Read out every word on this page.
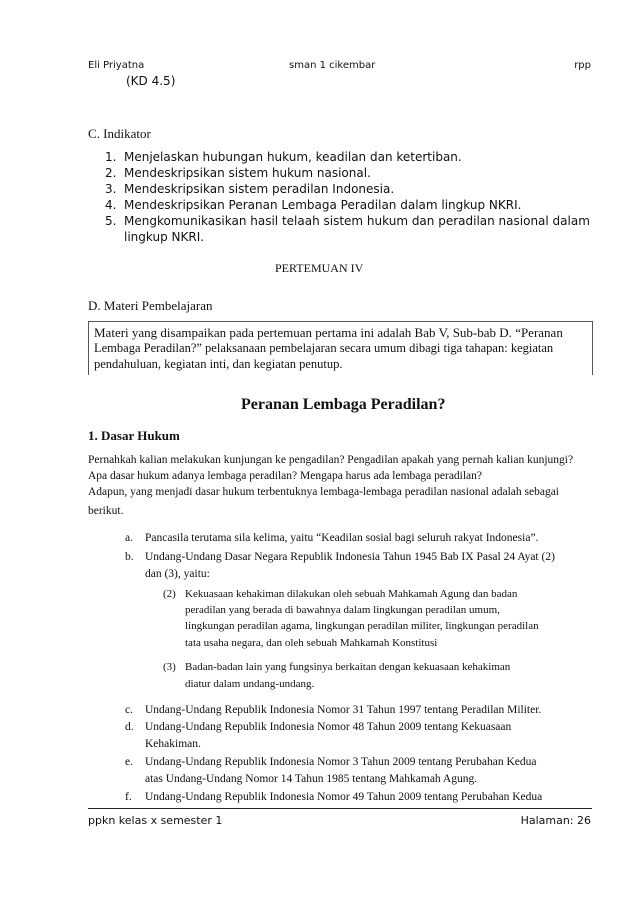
Eli Priyatna	sman 1 cikembar	rpp
(KD 4.5)
C. Indikator
1. Menjelaskan hubungan hukum, keadilan dan ketertiban.
2. Mendeskripsikan sistem hukum nasional.
3. Mendeskripsikan sistem peradilan Indonesia.
4. Mendeskripsikan Peranan Lembaga Peradilan dalam lingkup NKRI.
5. Mengkomunikasikan hasil telaah sistem hukum dan peradilan nasional dalam
lingkup NKRI.
PERTEMUAN IV
D. Materi Pembelajaran
Materi yang disampaikan pada pertemuan pertama ini adalah Bab V, Sub-bab D. “Peranan
Lembaga Peradilan?” pelaksanaan pembelajaran secara umum dibagi tiga tahapan: kegiatan
pendahuluan, kegiatan inti, dan kegiatan penutup.
Peranan Lembaga Peradilan?
1. Dasar Hukum
Pernahkah kalian melakukan kunjungan ke pengadilan? Pengadilan apakah yang pernah kalian kunjungi?
Apa dasar hukum adanya lembaga peradilan? Mengapa harus ada lembaga peradilan?
Adapun, yang menjadi dasar hukum terbentuknya lembaga-lembaga peradilan nasional adalah sebagai
berikut.
a. Pancasila terutama sila kelima, yaitu “Keadilan sosial bagi seluruh rakyat Indonesia”.
b. Undang-Undang Dasar Negara Republik Indonesia Tahun 1945 Bab IX Pasal 24 Ayat (2)
dan (3), yaitu:
(2) Kekuasaan kehakiman dilakukan oleh sebuah Mahkamah Agung dan badan
peradilan yang berada di bawahnya dalam lingkungan peradilan umum,
lingkungan peradilan agama, lingkungan peradilan militer, lingkungan peradilan
tata usaha negara, dan oleh sebuah Mahkamah Konstitusi
(3) Badan-badan lain yang fungsinya berkaitan dengan kekuasaan kehakiman
diatur dalam undang-undang.
c. Undang-Undang Republik Indonesia Nomor 31 Tahun 1997 tentang Peradilan Militer.
d. Undang-Undang Republik Indonesia Nomor 48 Tahun 2009 tentang Kekuasaan
Kehakiman.
e. Undang-Undang Republik Indonesia Nomor 3 Tahun 2009 tentang Perubahan Kedua
atas Undang-Undang Nomor 14 Tahun 1985 tentang Mahkamah Agung.
f. Undang-Undang Republik Indonesia Nomor 49 Tahun 2009 tentang Perubahan Kedua
ppkn kelas x semester 1	Halaman: 26
